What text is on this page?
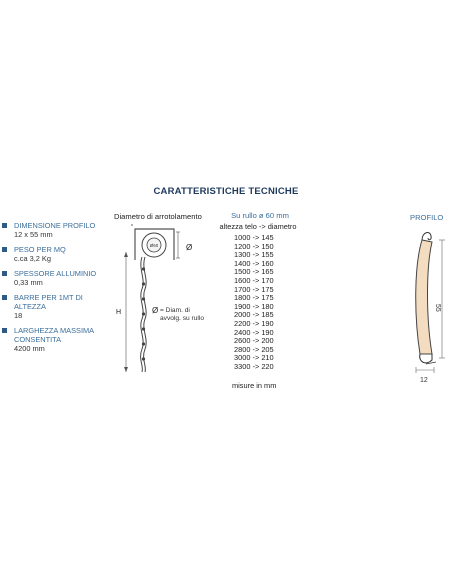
CARATTERISTICHE TECNICHE
DIMENSIONE PROFILO
12 x 55 mm
PESO PER MQ
c.ca 3,2 Kg
SPESSORE ALLUMINIO
0,33 mm
BARRE PER 1MT DI ALTEZZA
18
LARGHEZZA MASSIMA CONSENTITA
4200 mm
Diametro di arrotolamento
Ø60	Ø
H	Ø = Diam. di
avvolg. su rullo
Su rullo ø 60 mm
altezza telo -> diametro
1000 -> 145
1200 -> 150
1300 -> 155
1400 -> 160
1500 -> 165
1600 -> 170
1700 -> 175
1800 -> 175
1900 -> 180
2000 -> 185
2200 -> 190
2400 -> 190
2600 -> 200
2800 -> 205
3000 -> 210
3300 -> 220
misure in mm
PROFILO
55
12
